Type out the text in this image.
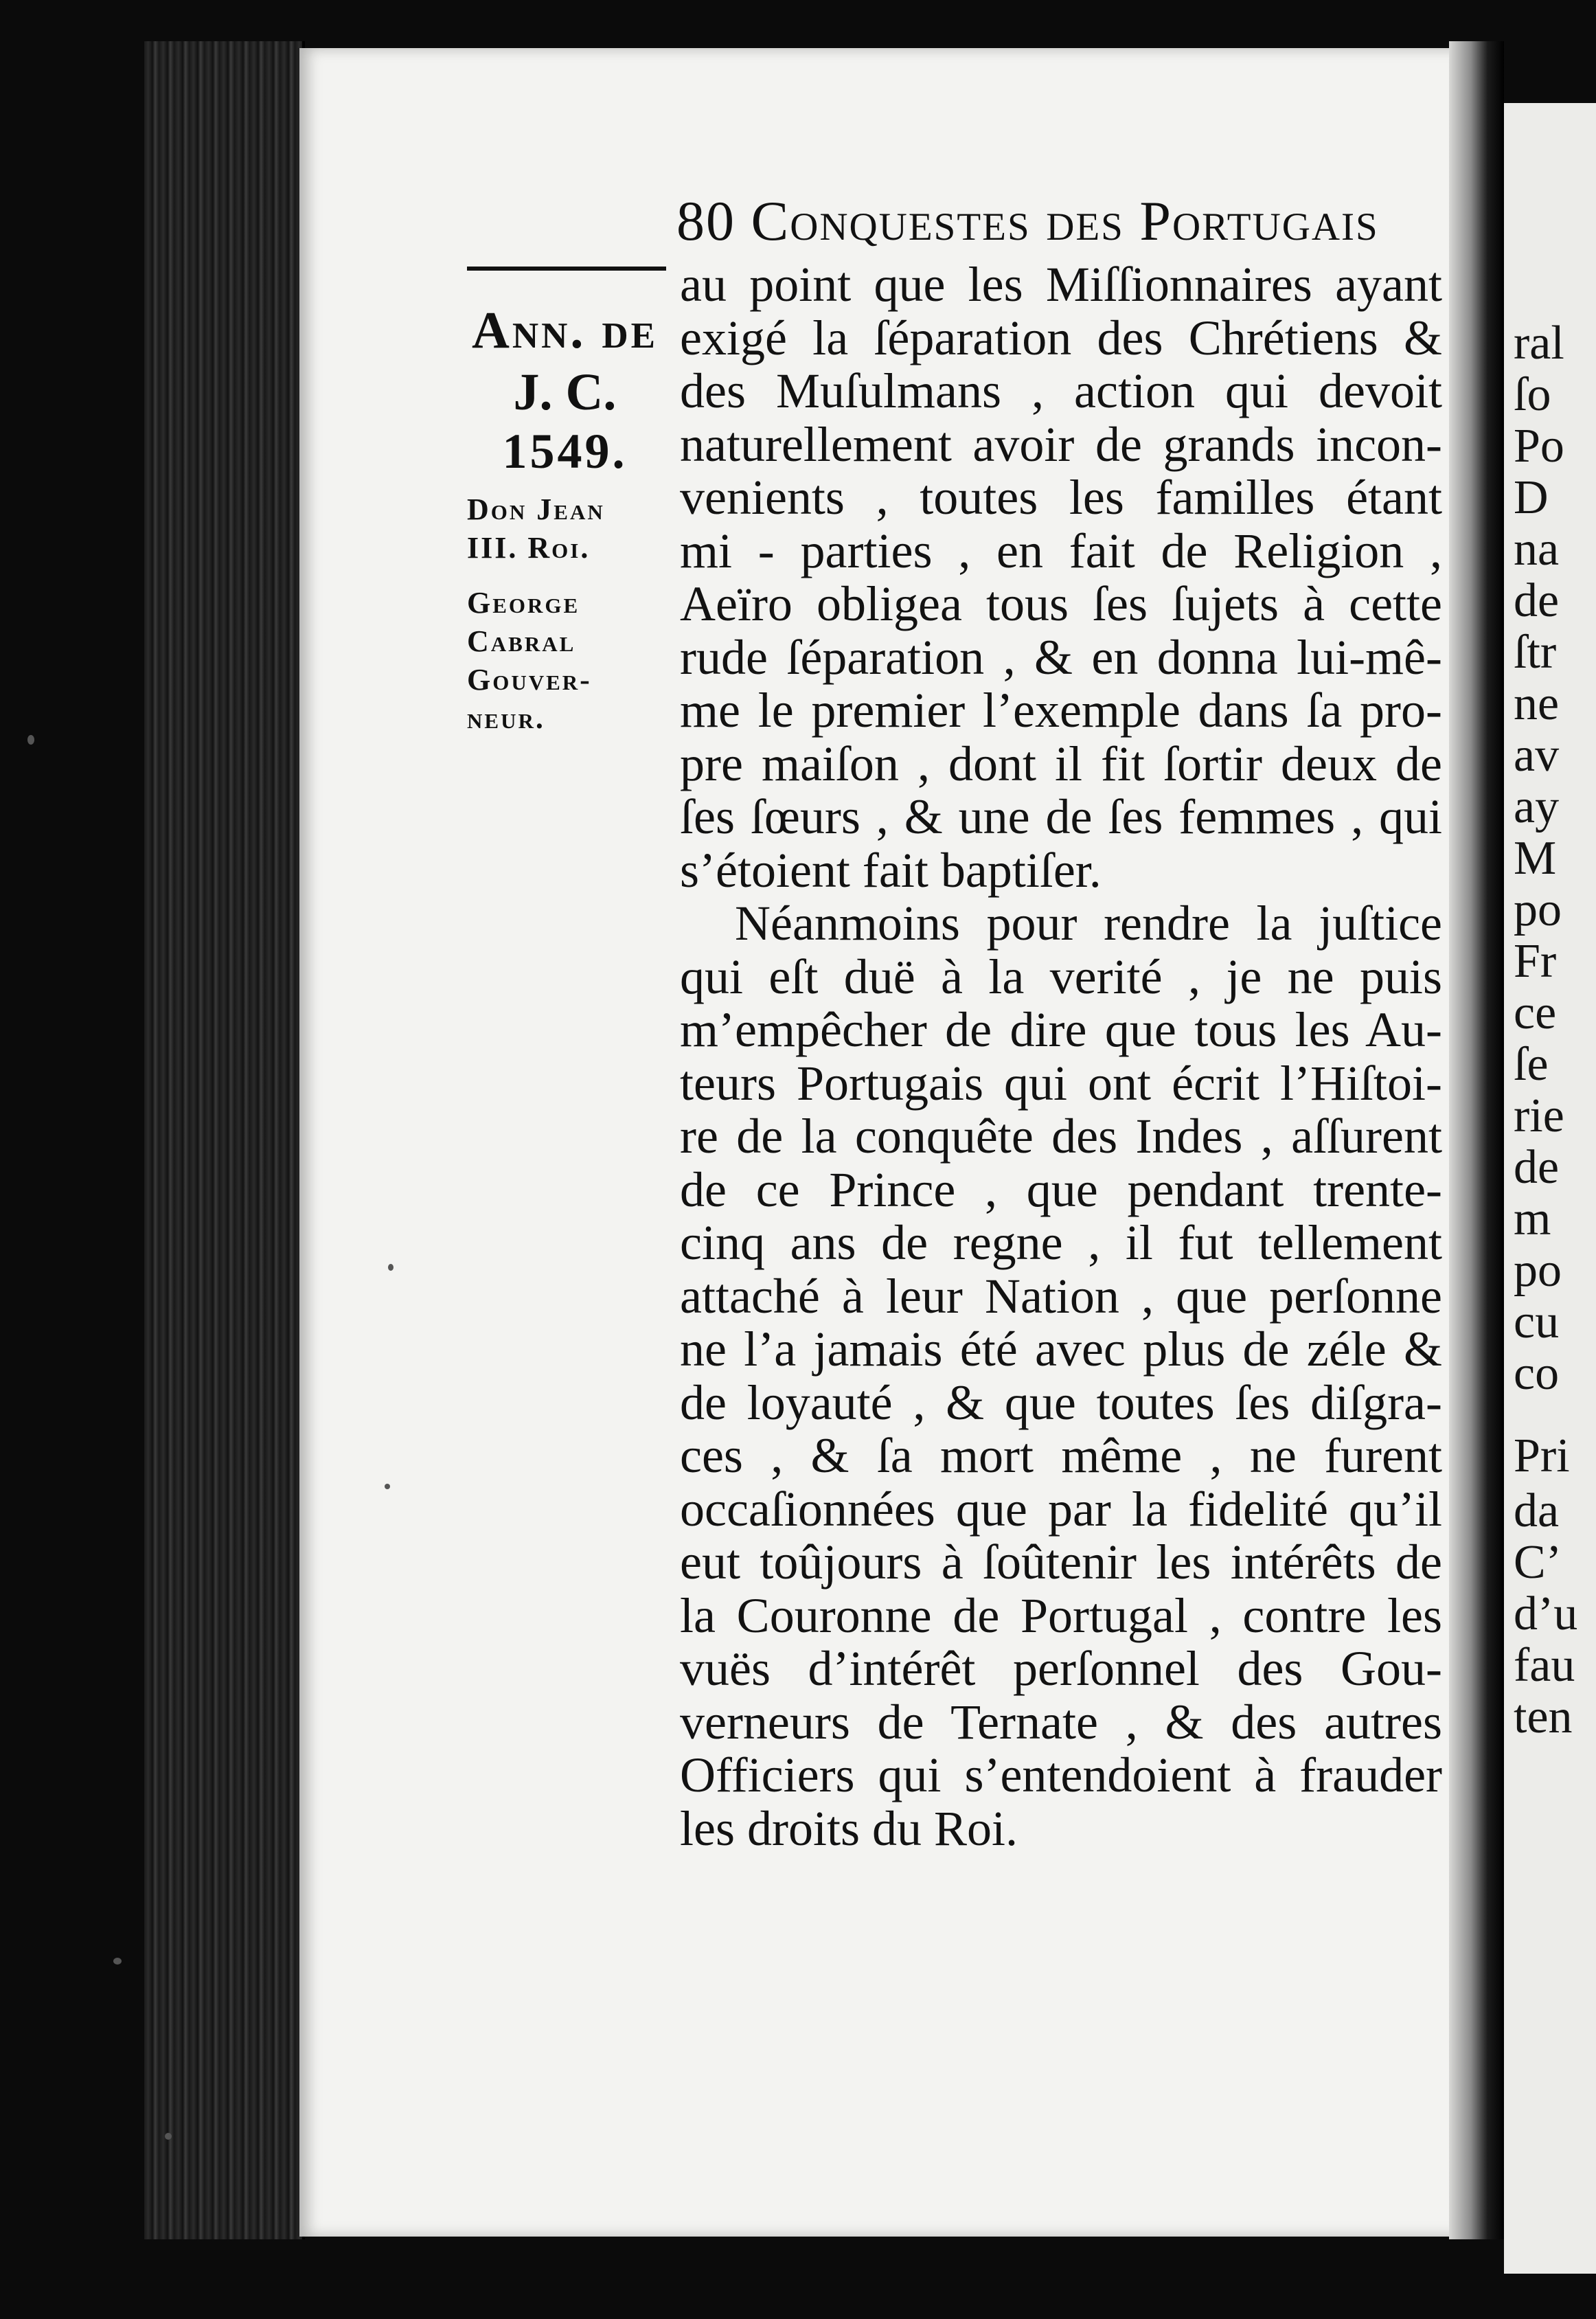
80 Conquestes des Portugais
Ann. de
J. C.
1549.
Don Jean
III. Roi.
George
Cabral
Gouver-
neur.
au point que les Miſſionnaires ayant
exigé la ſéparation des Chrétiens &
des Muſulmans , action qui devoit
naturellement avoir de grands incon-
venients , toutes les familles étant
mi - parties , en fait de Religion ,
Aeïro obligea tous ſes ſujets à cette
rude ſéparation , & en donna lui-mê-
me le premier l’exemple dans ſa pro-
pre maiſon , dont il fit ſortir deux de
ſes ſœurs , & une de ſes femmes , qui
s’étoient fait baptiſer.
Néanmoins pour rendre la juſtice
qui eſt duë à la verité , je ne puis
m’empêcher de dire que tous les Au-
teurs Portugais qui ont écrit l’Hiſtoi-
re de la conquête des Indes , aſſurent
de ce Prince , que pendant trente-
cinq ans de regne , il fut tellement
attaché à leur Nation , que perſonne
ne l’a jamais été avec plus de zéle &
de loyauté , & que toutes ſes diſgra-
ces , & ſa mort même , ne furent
occaſionnées que par la fidelité qu’il
eut toûjours à ſoûtenir les intérêts de
la Couronne de Portugal , contre les
vuës d’intérêt perſonnel des Gou-
verneurs de Ternate , & des autres
Officiers qui s’entendoient à frauder
les droits du Roi.
ral
ſo
Po
D
na
de
ſtr
ne
av
ay
M
po
Fr
ce
ſe
rie
de
m
po
cu
co
Pri
da
C’
d’u
fau
ten
